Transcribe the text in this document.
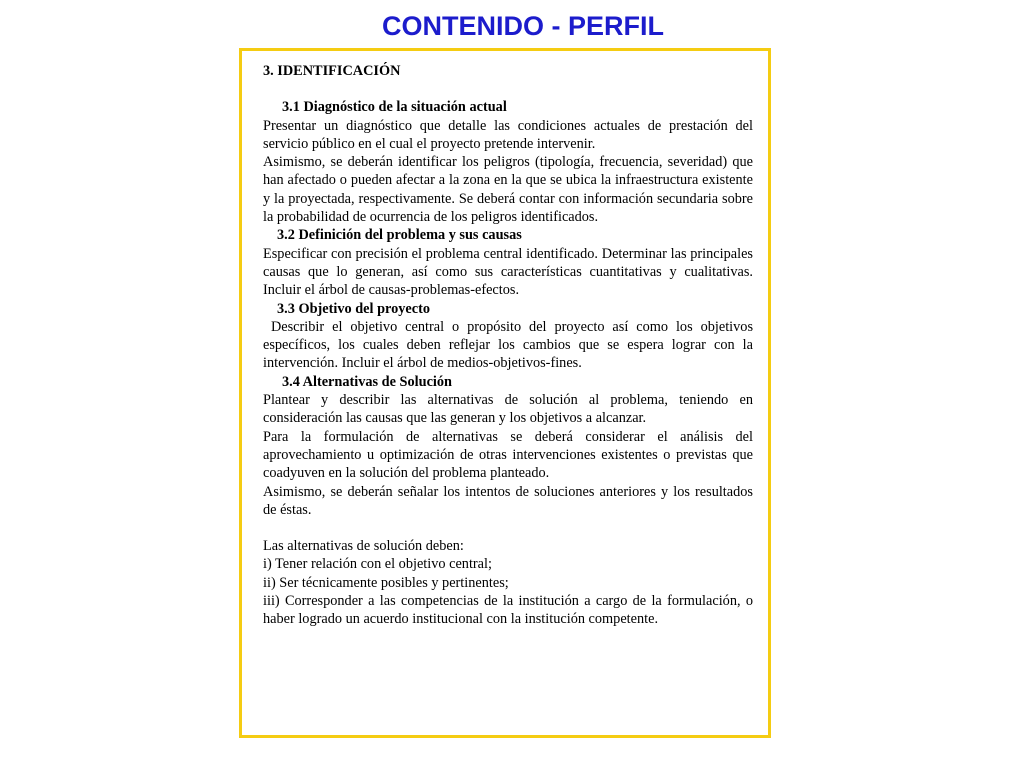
CONTENIDO - PERFIL

3. IDENTIFICACIÓN

3.1 Diagnóstico de la situación actual

Presentar un diagnóstico que detalle las condiciones actuales de prestación del servicio público en el cual el proyecto pretende intervenir.

Asimismo, se deberán identificar los peligros (tipología, frecuencia, severidad) que han afectado o pueden afectar a la zona en la que se ubica la infraestructura existente y la proyectada, respectivamente. Se deberá contar con información secundaria sobre la probabilidad de ocurrencia de los peligros identificados.

3.2 Definición del problema y sus causas

Especificar con precisión el problema central identificado. Determinar las principales causas que lo generan, así como sus características cuantitativas y cualitativas. Incluir el árbol de causas-problemas-efectos.

3.3 Objetivo del proyecto

Describir el objetivo central o propósito del proyecto así como los objetivos específicos, los cuales deben reflejar los cambios que se espera lograr con la intervención. Incluir el árbol de medios-objetivos-fines.

3.4 Alternativas de Solución

Plantear y describir las alternativas de solución al problema, teniendo en consideración las causas que las generan y los objetivos a alcanzar.

Para la formulación de alternativas se deberá considerar el análisis del aprovechamiento u optimización de otras intervenciones existentes o previstas que coadyuven en la solución del problema planteado.

Asimismo, se deberán señalar los intentos de soluciones anteriores y los resultados de éstas.

Las alternativas de solución deben:

i) Tener relación con el objetivo central;

ii) Ser técnicamente posibles y pertinentes;

iii) Corresponder a las competencias de la institución a cargo de la formulación, o haber logrado un acuerdo institucional con la institución competente.
